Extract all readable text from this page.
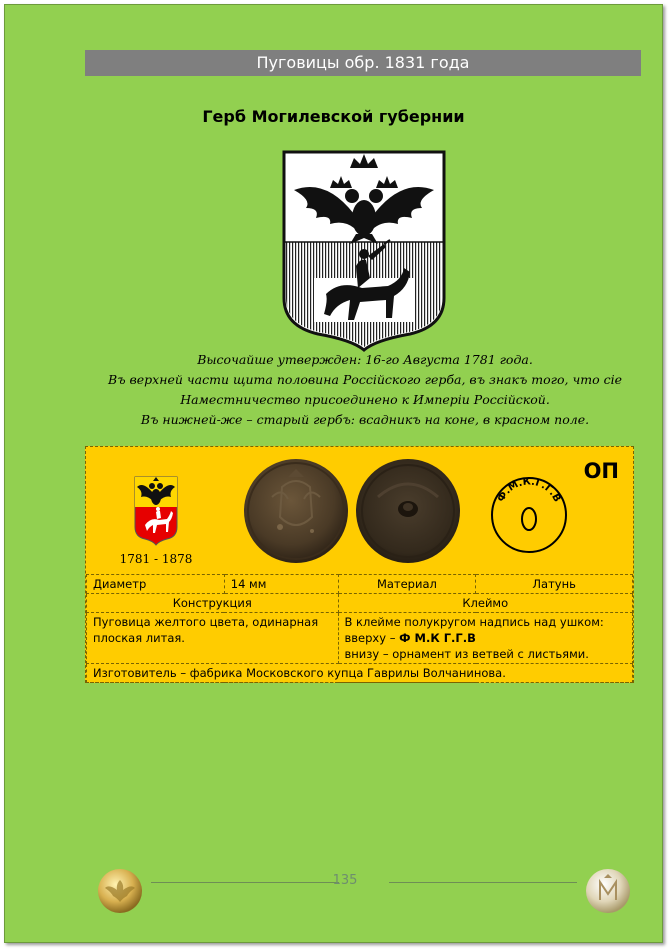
Пуговицы обр. 1831 года
Герб Могилевской губернии
Высочайше утвержден: 16-го Августа 1781 года.
Въ верхней части щита половина Россiйского герба, въ знакъ того, что сiе
Наместничество присоединено к Имперiи Россiйской.
Въ нижней-же – старый гербъ: всадникъ на коне, в красном поле.
1781 - 1878
Ф.М.К.Г.Г.В
0
ОП
Диаметр	14 мм	Материал	Латунь
Конструкция		Клеймо	
Пуговица желтого цвета, одинарная плоская литая.		В клейме полукругом надпись над ушком:
вверху – Ф М.К Г.Г.В
внизу – орнамент из ветвей с листьями.	

Изготовитель – фабрика Московского купца Гаврилы Волчанинова.			
135
